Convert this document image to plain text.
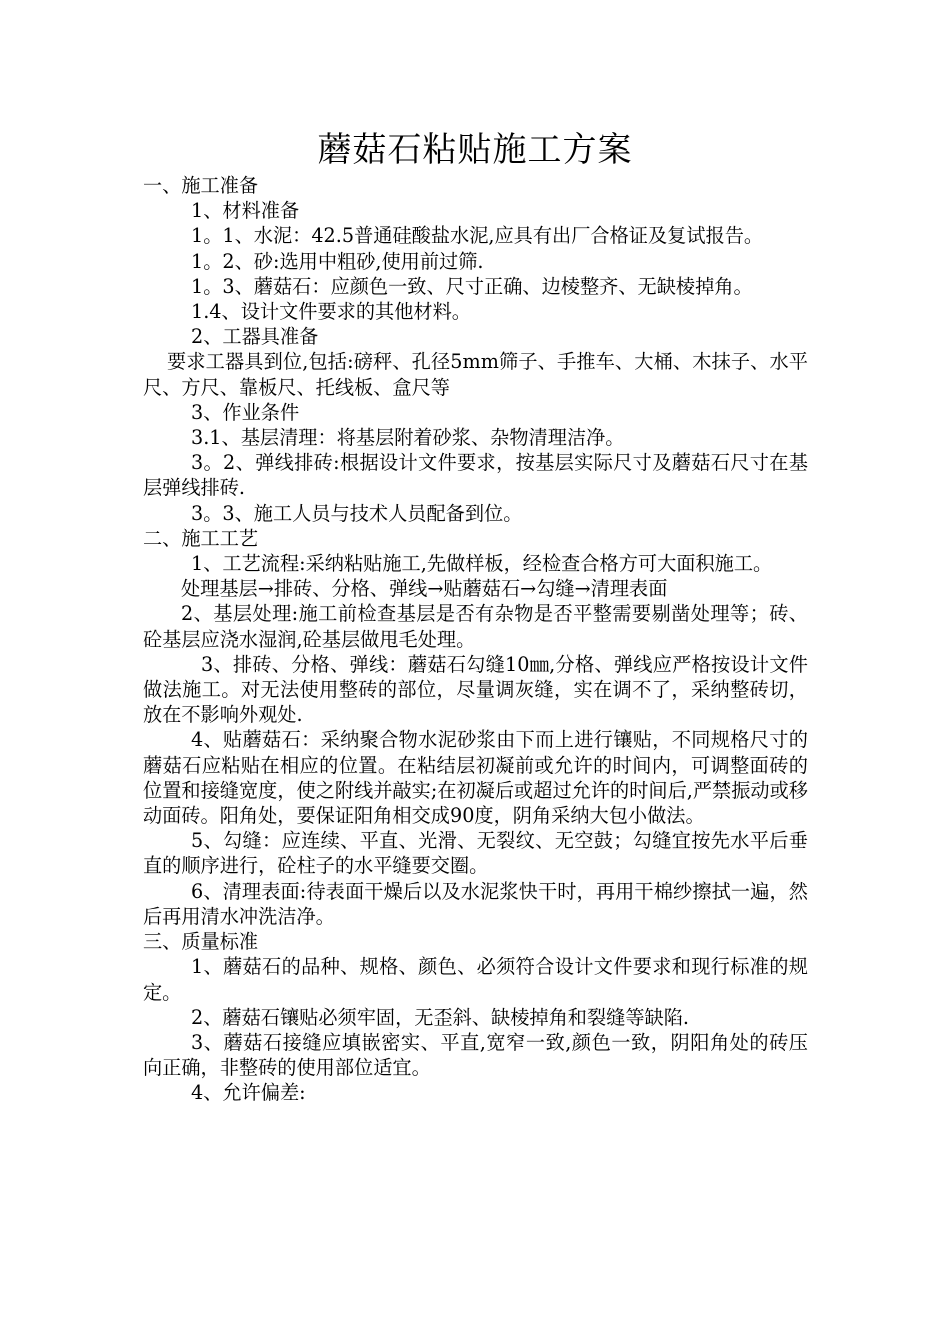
蘑菇石粘贴施工方案

一、施工准备

1、材料准备

1。1、水泥：42.5普通硅酸盐水泥,应具有出厂合格证及复试报告。

1。2、砂:选用中粗砂,使用前过筛.

1。3、蘑菇石：应颜色一致、尺寸正确、边棱整齐、无缺棱掉角。

1.4、设计文件要求的其他材料。

2、工器具准备

要求工器具到位,包括:磅秤、孔径5mm筛子、手推车、大桶、木抹子、水平尺、方尺、靠板尺、托线板、盒尺等

3、作业条件

3.1、基层清理：将基层附着砂浆、杂物清理洁净。

3。2、弹线排砖:根据设计文件要求，按基层实际尺寸及蘑菇石尺寸在基层弹线排砖.

3。3、施工人员与技术人员配备到位。

二、施工工艺

1、工艺流程:采纳粘贴施工,先做样板，经检查合格方可大面积施工。

处理基层→排砖、分格、弹线→贴蘑菇石→勾缝→清理表面

2、基层处理:施工前检查基层是否有杂物是否平整需要剔凿处理等；砖、砼基层应浇水湿润,砼基层做甩毛处理。

3、排砖、分格、弹线：蘑菇石勾缝10㎜,分格、弹线应严格按设计文件做法施工。对无法使用整砖的部位，尽量调灰缝，实在调不了，采纳整砖切，放在不影响外观处.

4、贴蘑菇石：采纳聚合物水泥砂浆由下而上进行镶贴，不同规格尺寸的蘑菇石应粘贴在相应的位置。在粘结层初凝前或允许的时间内，可调整面砖的位置和接缝宽度，使之附线并敲实;在初凝后或超过允许的时间后,严禁振动或移动面砖。阳角处，要保证阳角相交成90度，阴角采纳大包小做法。

5、勾缝：应连续、平直、光滑、无裂纹、无空鼓；勾缝宜按先水平后垂直的顺序进行，砼柱子的水平缝要交圈。

6、清理表面:待表面干燥后以及水泥浆快干时，再用干棉纱擦拭一遍，然后再用清水冲洗洁净。

三、质量标准

1、蘑菇石的品种、规格、颜色、必须符合设计文件要求和现行标准的规定。

2、蘑菇石镶贴必须牢固，无歪斜、缺棱掉角和裂缝等缺陷.

3、蘑菇石接缝应填嵌密实、平直,宽窄一致,颜色一致，阴阳角处的砖压向正确，非整砖的使用部位适宜。

4、允许偏差:
